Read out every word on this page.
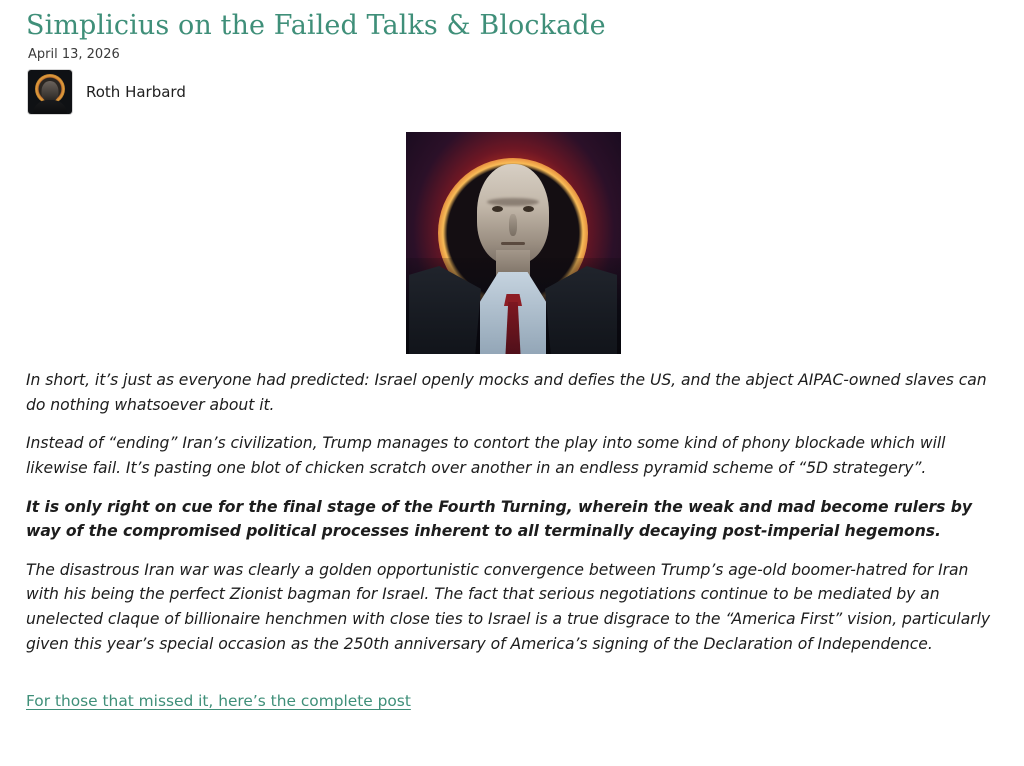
Simplicius on the Failed Talks & Blockade
April 13, 2026
Roth Harbard

In short, it’s just as everyone had predicted: Israel openly mocks and defies the US, and the abject AIPAC-owned slaves can do nothing whatsoever about it.

Instead of “ending” Iran’s civilization, Trump manages to contort the play into some kind of phony blockade which will likewise fail. It’s pasting one blot of chicken scratch over another in an endless pyramid scheme of “5D strategery”.

It is only right on cue for the final stage of the Fourth Turning, wherein the weak and mad become rulers by way of the compromised political processes inherent to all terminally decaying post-imperial hegemons.

The disastrous Iran war was clearly a golden opportunistic convergence between Trump’s age-old boomer-hatred for Iran with his being the perfect Zionist bagman for Israel. The fact that serious negotiations continue to be mediated by an unelected claque of billionaire henchmen with close ties to Israel is a true disgrace to the “America First” vision, particularly given this year’s special occasion as the 250th anniversary of America’s signing of the Declaration of Independence.

For those that missed it, here’s the complete post
